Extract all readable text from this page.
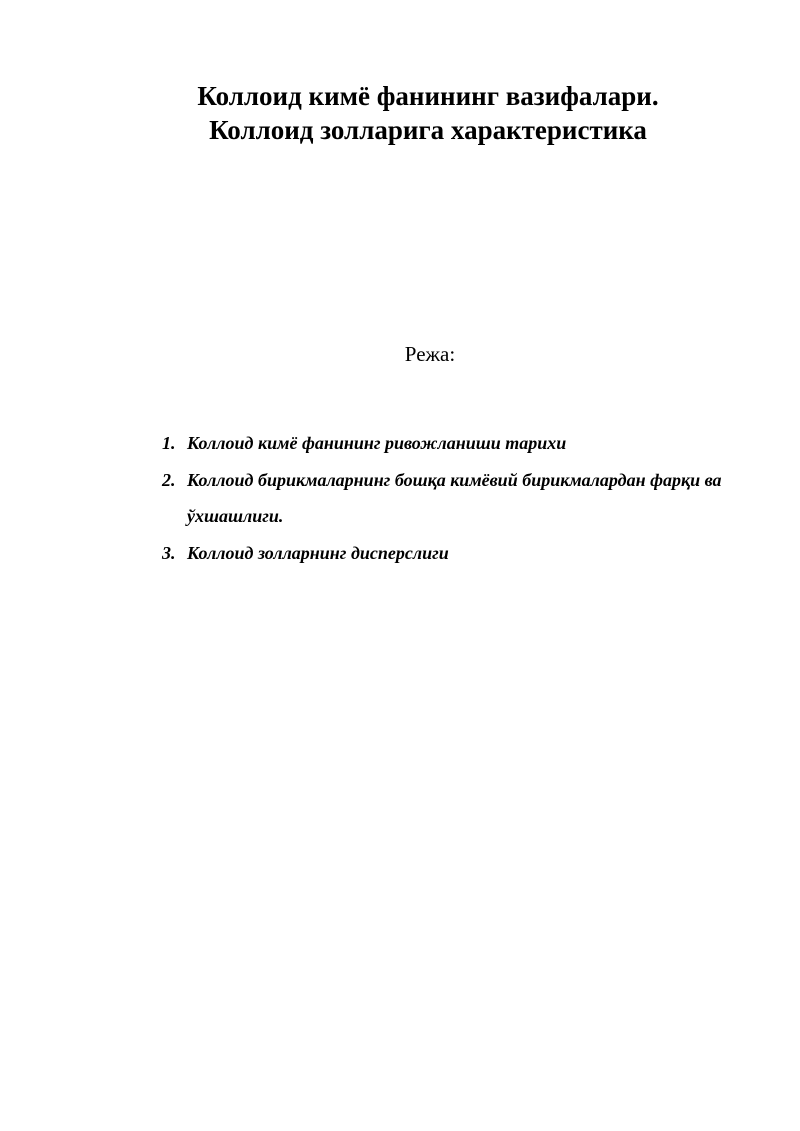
Коллоид кимё фанининг вазифалари.
Коллоид золларига характеристика
Режа:
1. Коллоид кимё фанининг ривожланиши тарихи
2. Коллоид бирикмаларнинг бошқа кимёвий бирикмалардан фарқи ва ўхшашлиги.
3. Коллоид золларнинг дисперслиги
